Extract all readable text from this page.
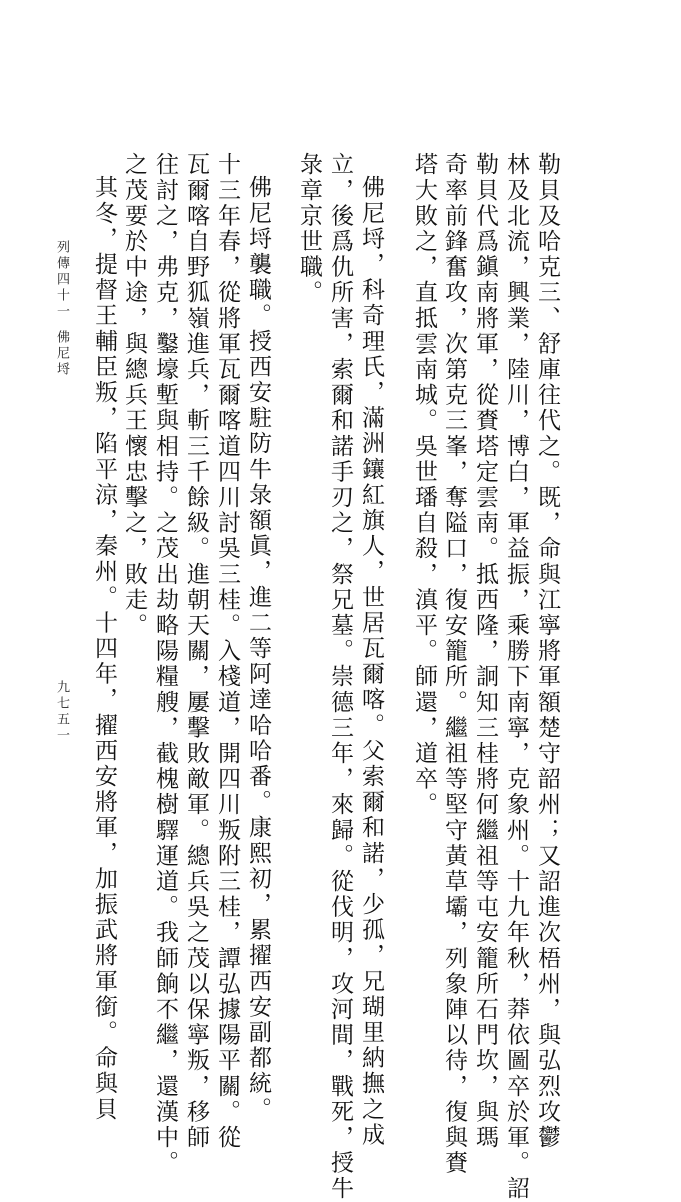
勒貝及哈克三、舒庫往代之。既，命與江寧將軍額楚守韶州；又詔進次梧州，與弘烈攻鬱
林及北流，興業，陸川，博白，軍益振，乘勝下南寧，克象州。十九年秋，莽依圖卒於軍。詔
勒貝代爲鎭南將軍，從賚塔定雲南。抵西隆，詗知三桂將何繼祖等屯安籠所石門坎，與瑪
奇率前鋒奮攻，次第克三峯，奪隘口，復安籠所。繼祖等堅守黃草壩，列象陣以待，復與賚
塔大敗之，直抵雲南城。吳世璠自殺，滇平。師還，道卒。
佛尼埒，科奇理氏，滿洲鑲紅旗人，世居瓦爾喀。父索爾和諾，少孤，兄瑚里納撫之成
立，後爲仇所害，索爾和諾手刃之，祭兄墓。崇德三年，來歸。從伐明，攻河間，戰死，授牛
彔章京世職。
佛尼埒襲職。授西安駐防牛彔額眞，進二等阿達哈哈番。康熙初，累擢西安副都統。
十三年春，從將軍瓦爾喀道四川討吳三桂。入棧道，開四川叛附三桂，譚弘據陽平關。從
瓦爾喀自野狐嶺進兵，斬三千餘級。進朝天關，屢擊敗敵軍。總兵吳之茂以保寧叛，移師
往討之，弗克，鑿壕塹與相持。之茂出劫略陽糧艘，截槐樹驛運道。我師餉不繼，還漢中。
之茂要於中途，與總兵王懷忠擊之，敗走。
其冬，提督王輔臣叛，陷平涼，秦州。十四年，擢西安將軍，加振武將軍銜。命與貝
列傳四十一
佛尼埒
九七五一
